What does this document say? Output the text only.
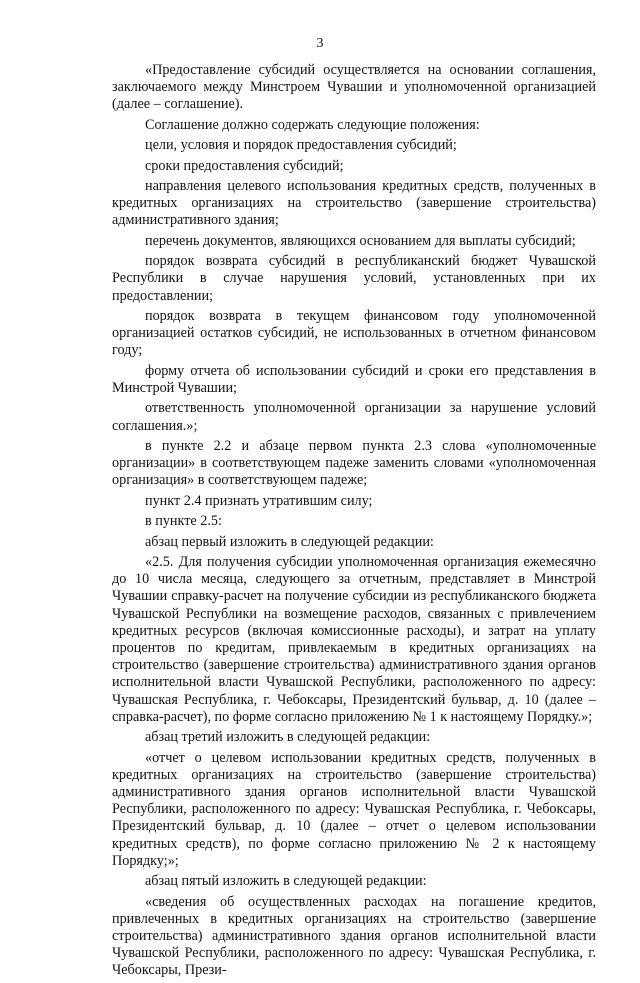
3

«Предоставление субсидий осуществляется на основании соглашения, заключаемого между Минстроем Чувашии и уполномоченной организацией (далее – соглашение).

Соглашение должно содержать следующие положения:

цели, условия и порядок предоставления субсидий;

сроки предоставления субсидий;

направления целевого использования кредитных средств, полученных в кредитных организациях на строительство (завершение строительства) административного здания;

перечень документов, являющихся основанием для выплаты субсидий;

порядок возврата субсидий в республиканский бюджет Чувашской Республики в случае нарушения условий, установленных при их предоставлении;

порядок возврата в текущем финансовом году уполномоченной организацией остатков субсидий, не использованных в отчетном финансовом году;

форму отчета об использовании субсидий и сроки его представления в Минстрой Чувашии;

ответственность уполномоченной организации за нарушение условий соглашения.»;

в пункте 2.2 и абзаце первом пункта 2.3 слова «уполномоченные организации» в соответствующем падеже заменить словами «уполномоченная организация» в соответствующем падеже;

пункт 2.4 признать утратившим силу;

в пункте 2.5:

абзац первый изложить в следующей редакции:

«2.5. Для получения субсидии уполномоченная организация ежемесячно до 10 числа месяца, следующего за отчетным, представляет в Минстрой Чувашии справку-расчет на получение субсидии из республиканского бюджета Чувашской Республики на возмещение расходов, связанных с привлечением кредитных ресурсов (включая комиссионные расходы), и затрат на уплату процентов по кредитам, привлекаемым в кредитных организациях на строительство (завершение строительства) административного здания органов исполнительной власти Чувашской Республики, расположенного по адресу: Чувашская Республика, г. Чебоксары, Президентский бульвар, д. 10 (далее – справка-расчет), по форме согласно приложению № 1 к настоящему Порядку.»;

абзац третий изложить в следующей редакции:

«отчет о целевом использовании кредитных средств, полученных в кредитных организациях на строительство (завершение строительства) административного здания органов исполнительной власти Чувашской Республики, расположенного по адресу: Чувашская Республика, г. Чебоксары, Президентский бульвар, д. 10 (далее – отчет о целевом использовании кредитных средств), по форме согласно приложению № 2 к настоящему Порядку;»;

абзац пятый изложить в следующей редакции:

«сведения об осуществленных расходах на погашение кредитов, привлеченных в кредитных организациях на строительство (завершение строительства) административного здания органов исполнительной власти Чувашской Республики, расположенного по адресу: Чувашская Республика, г. Чебоксары, Прези-
